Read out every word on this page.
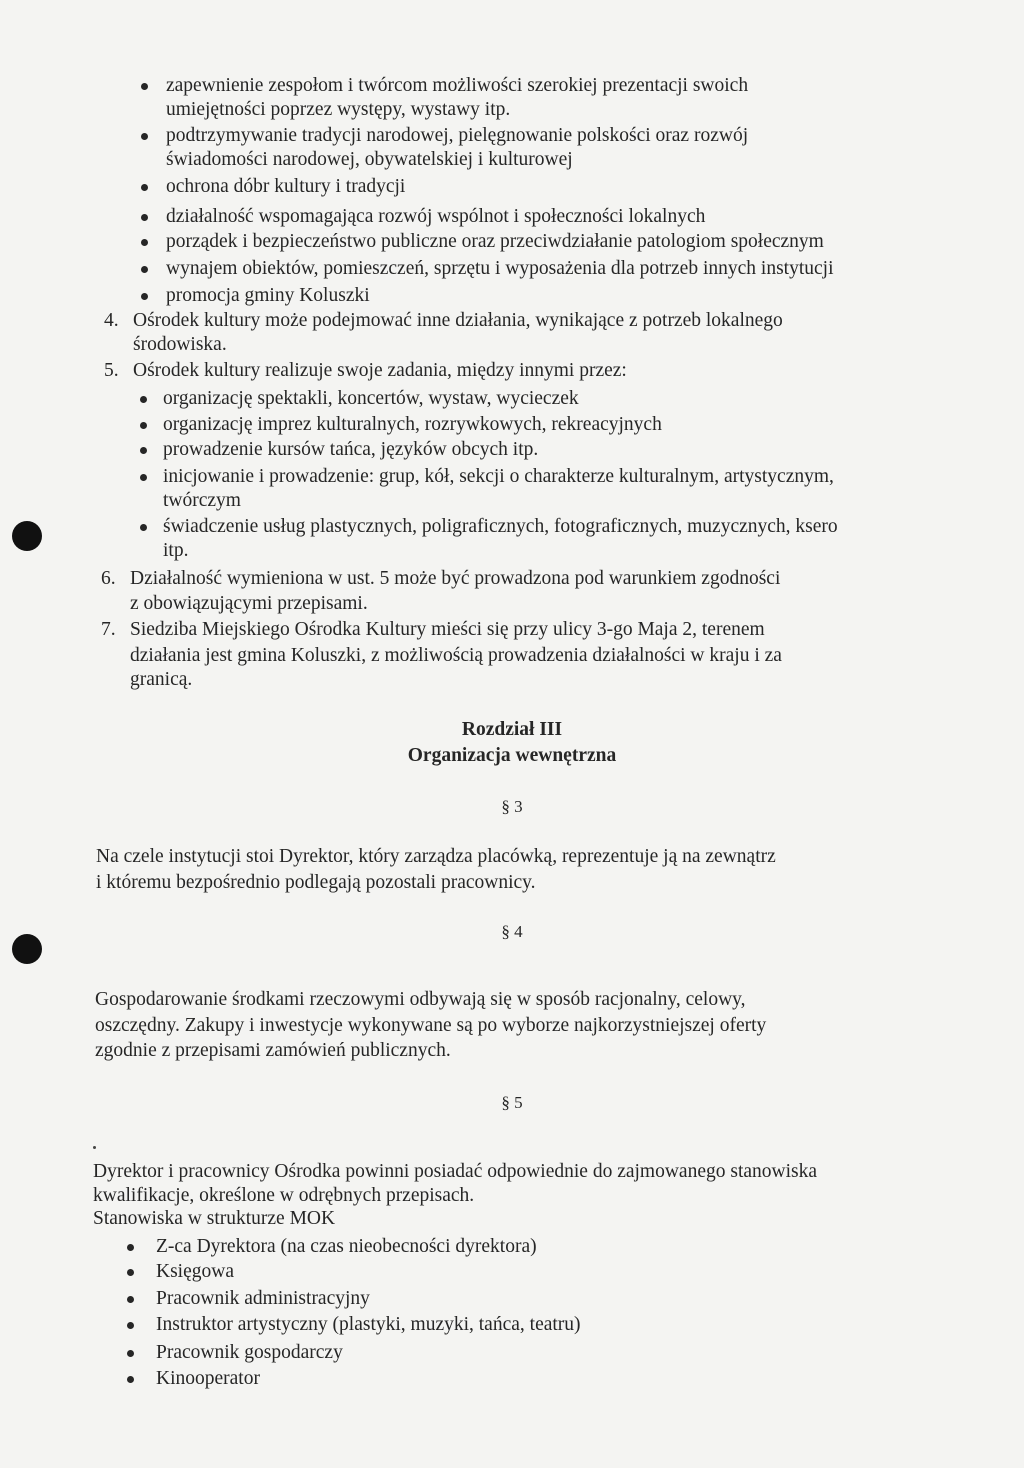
zapewnienie zespołom i twórcom możliwości szerokiej prezentacji swoich
umiejętności poprzez występy, wystawy itp.
podtrzymywanie tradycji narodowej, pielęgnowanie polskości oraz rozwój
świadomości narodowej, obywatelskiej i kulturowej
ochrona dóbr kultury i tradycji
działalność wspomagająca rozwój wspólnot i społeczności lokalnych
porządek i bezpieczeństwo publiczne oraz przeciwdziałanie patologiom społecznym
wynajem obiektów, pomieszczeń, sprzętu i wyposażenia dla potrzeb innych instytucji
promocja gminy Koluszki
4. Ośrodek kultury może podejmować inne działania, wynikające z potrzeb lokalnego
środowiska.
5. Ośrodek kultury realizuje swoje zadania, między innymi przez:
organizację spektakli, koncertów, wystaw, wycieczek
organizację imprez kulturalnych, rozrywkowych, rekreacyjnych
prowadzenie kursów tańca, języków obcych itp.
inicjowanie i prowadzenie: grup, kół, sekcji o charakterze kulturalnym, artystycznym,
twórczym
świadczenie usług plastycznych, poligraficznych, fotograficznych, muzycznych, ksero
itp.
6. Działalność wymieniona w ust. 5 może być prowadzona pod warunkiem zgodności
z obowiązującymi przepisami.
7. Siedziba Miejskiego Ośrodka Kultury mieści się przy ulicy 3-go Maja 2, terenem
działania jest gmina Koluszki, z możliwością prowadzenia działalności w kraju i za
granicą.
Rozdział III
Organizacja wewnętrzna
§ 3
Na czele instytucji stoi Dyrektor, który zarządza placówką, reprezentuje ją na zewnątrz
i któremu bezpośrednio podlegają pozostali pracownicy.
§ 4
Gospodarowanie środkami rzeczowymi odbywają się w sposób racjonalny, celowy,
oszczędny. Zakupy i inwestycje wykonywane są po wyborze najkorzystniejszej oferty
zgodnie z przepisami zamówień publicznych.
§ 5
Dyrektor i pracownicy Ośrodka powinni posiadać odpowiednie do zajmowanego stanowiska
kwalifikacje, określone w odrębnych przepisach.
Stanowiska w strukturze MOK
Z-ca Dyrektora (na czas nieobecności dyrektora)
Księgowa
Pracownik administracyjny
Instruktor artystyczny (plastyki, muzyki, tańca, teatru)
Pracownik gospodarczy
Kinooperator
